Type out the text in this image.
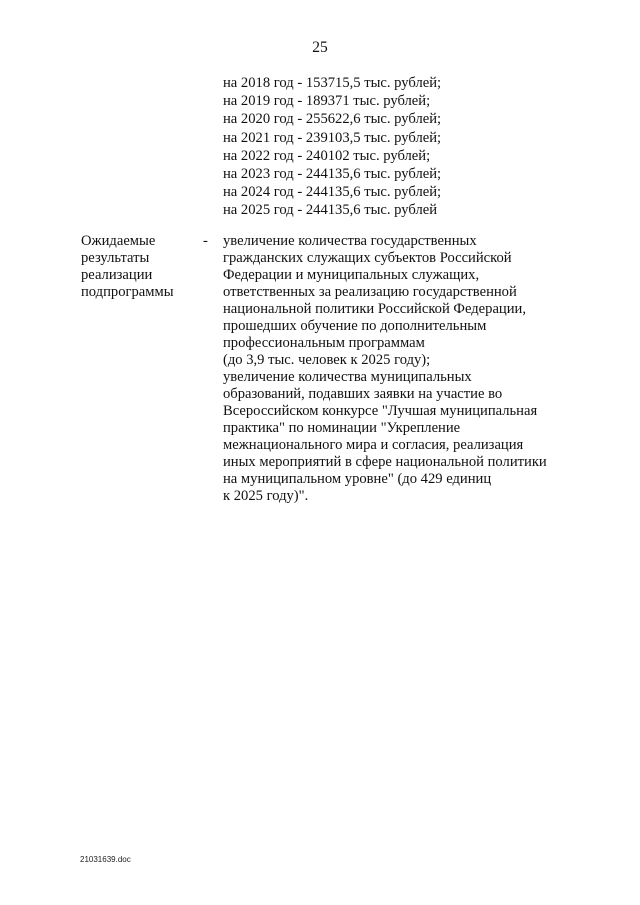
25
на 2018 год - 153715,5 тыс. рублей;
на 2019 год - 189371 тыс. рублей;
на 2020 год - 255622,6 тыс. рублей;
на 2021 год - 239103,5 тыс. рублей;
на 2022 год - 240102 тыс. рублей;
на 2023 год - 244135,6 тыс. рублей;
на 2024 год - 244135,6 тыс. рублей;
на 2025 год - 244135,6 тыс. рублей
Ожидаемые
результаты
реализации
подпрограммы
- увеличение количества государственных
гражданских служащих субъектов Российской
Федерации и муниципальных служащих,
ответственных за реализацию государственной
национальной политики Российской Федерации,
прошедших обучение по дополнительным
профессиональным программам
(до 3,9 тыс. человек к 2025 году);
увеличение количества муниципальных
образований, подавших заявки на участие во
Всероссийском конкурсе "Лучшая муниципальная
практика" по номинации "Укрепление
межнационального мира и согласия, реализация
иных мероприятий в сфере национальной политики
на муниципальном уровне" (до 429 единиц
к 2025 году)".
21031639.doc
